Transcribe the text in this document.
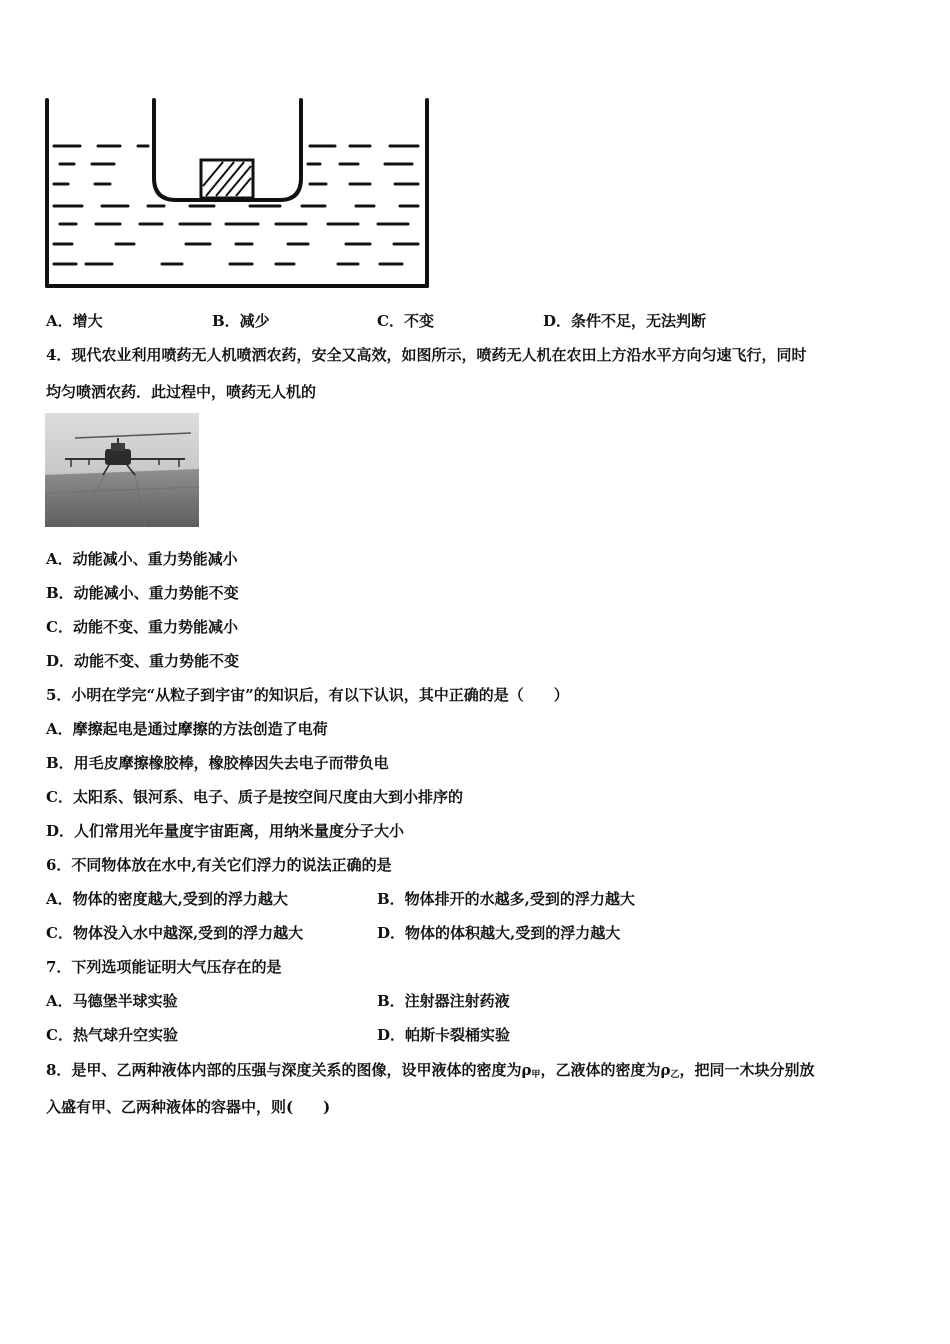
A．增大	B．减少	C．不变	D．条件不足，无法判断
4．现代农业利用喷药无人机喷洒农药，安全又高效，如图所示，喷药无人机在农田上方沿水平方向匀速飞行，同时
均匀喷洒农药．此过程中，喷药无人机的
A．动能减小、重力势能减小
B．动能减小、重力势能不变
C．动能不变、重力势能减小
D．动能不变、重力势能不变
5．小明在学完“从粒子到宇宙”的知识后，有以下认识，其中正确的是（　　）
A．摩擦起电是通过摩擦的方法创造了电荷
B．用毛皮摩擦橡胶棒，橡胶棒因失去电子而带负电
C．太阳系、银河系、电子、质子是按空间尺度由大到小排序的
D．人们常用光年量度宇宙距离，用纳米量度分子大小
6．不同物体放在水中,有关它们浮力的说法正确的是
A．物体的密度越大,受到的浮力越大	B．物体排开的水越多,受到的浮力越大
C．物体没入水中越深,受到的浮力越大	D．物体的体积越大,受到的浮力越大
7．下列选项能证明大气压存在的是
A．马德堡半球实验	B．注射器注射药液
C．热气球升空实验	D．帕斯卡裂桶实验
8．是甲、乙两种液体内部的压强与深度关系的图像，设甲液体的密度为$\rho_甲$，乙液体的密度为$\rho_乙$，把同一木块分别放
入盛有甲、乙两种液体的容器中，则(　　)
